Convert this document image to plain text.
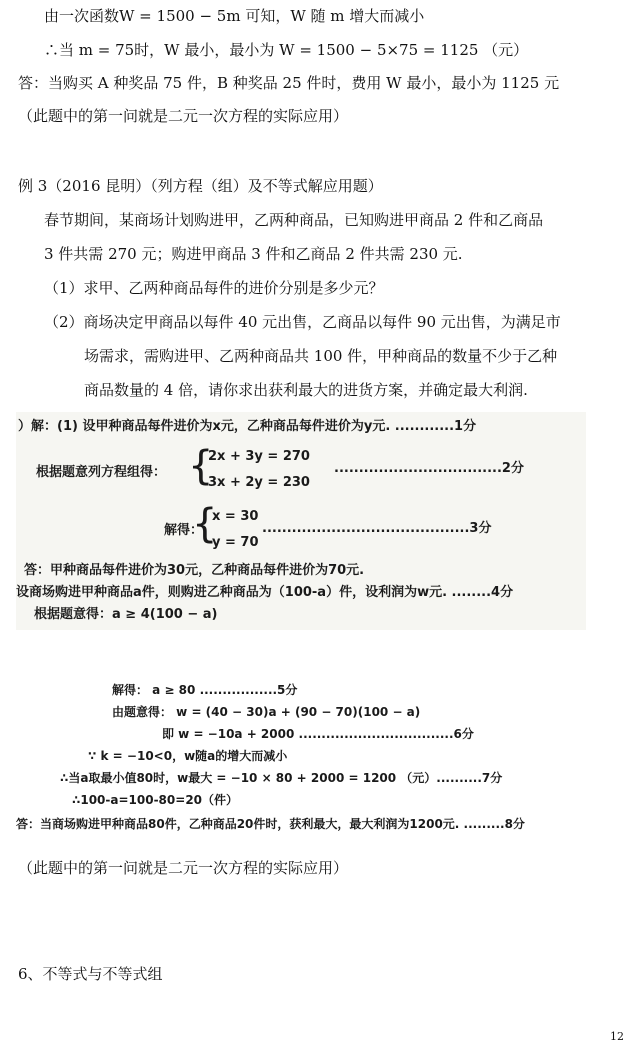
由一次函数W = 1500 − 5m 可知，W 随 m 增大而减小
∴当 m = 75时，W 最小，最小为 W = 1500 − 5×75 = 1125 （元）
答：当购买 A 种奖品 75 件，B 种奖品 25 件时，费用 W 最小，最小为 1125 元
（此题中的第一问就是二元一次方程的实际应用）
例 3（2016 昆明）（列方程（组）及不等式解应用题）
春节期间，某商场计划购进甲，乙两种商品，已知购进甲商品 2 件和乙商品
3 件共需 270 元；购进甲商品 3 件和乙商品 2 件共需 230 元.
（1）求甲、乙两种商品每件的进价分别是多少元？
（2）商场决定甲商品以每件 40 元出售，乙商品以每件 90 元出售，为满足市
场需求，需购进甲、乙两种商品共 100 件，甲种商品的数量不少于乙种
商品数量的 4 倍，请你求出获利最大的进货方案，并确定最大利润.
）解：(1) 设甲种商品每件进价为x元，乙种商品每件进价为y元. ............1分
根据题意列方程组得： {
2x + 3y = 270
3x + 2y = 230
..................................2分
解得：
{
x = 30
y = 70
..........................................3分
答：甲种商品每件进价为30元，乙种商品每件进价为70元.
设商场购进甲种商品a件，则购进乙种商品为（100-a）件，设利润为w元. ........4分
根据题意得：a ≥ 4(100 − a)
解得： a ≥ 80 .................5分
由题意得： w = (40 − 30)a + (90 − 70)(100 − a)
即 w = −10a + 2000 ..................................6分
∵ k = −10<0，w随a的增大而减小
∴当a取最小值80时，w最大 = −10 × 80 + 2000 = 1200 （元）..........7分
∴100-a=100-80=20（件）
答：当商场购进甲种商品80件，乙种商品20件时，获利最大，最大利润为1200元. .........8分
（此题中的第一问就是二元一次方程的实际应用）
6、不等式与不等式组
12
